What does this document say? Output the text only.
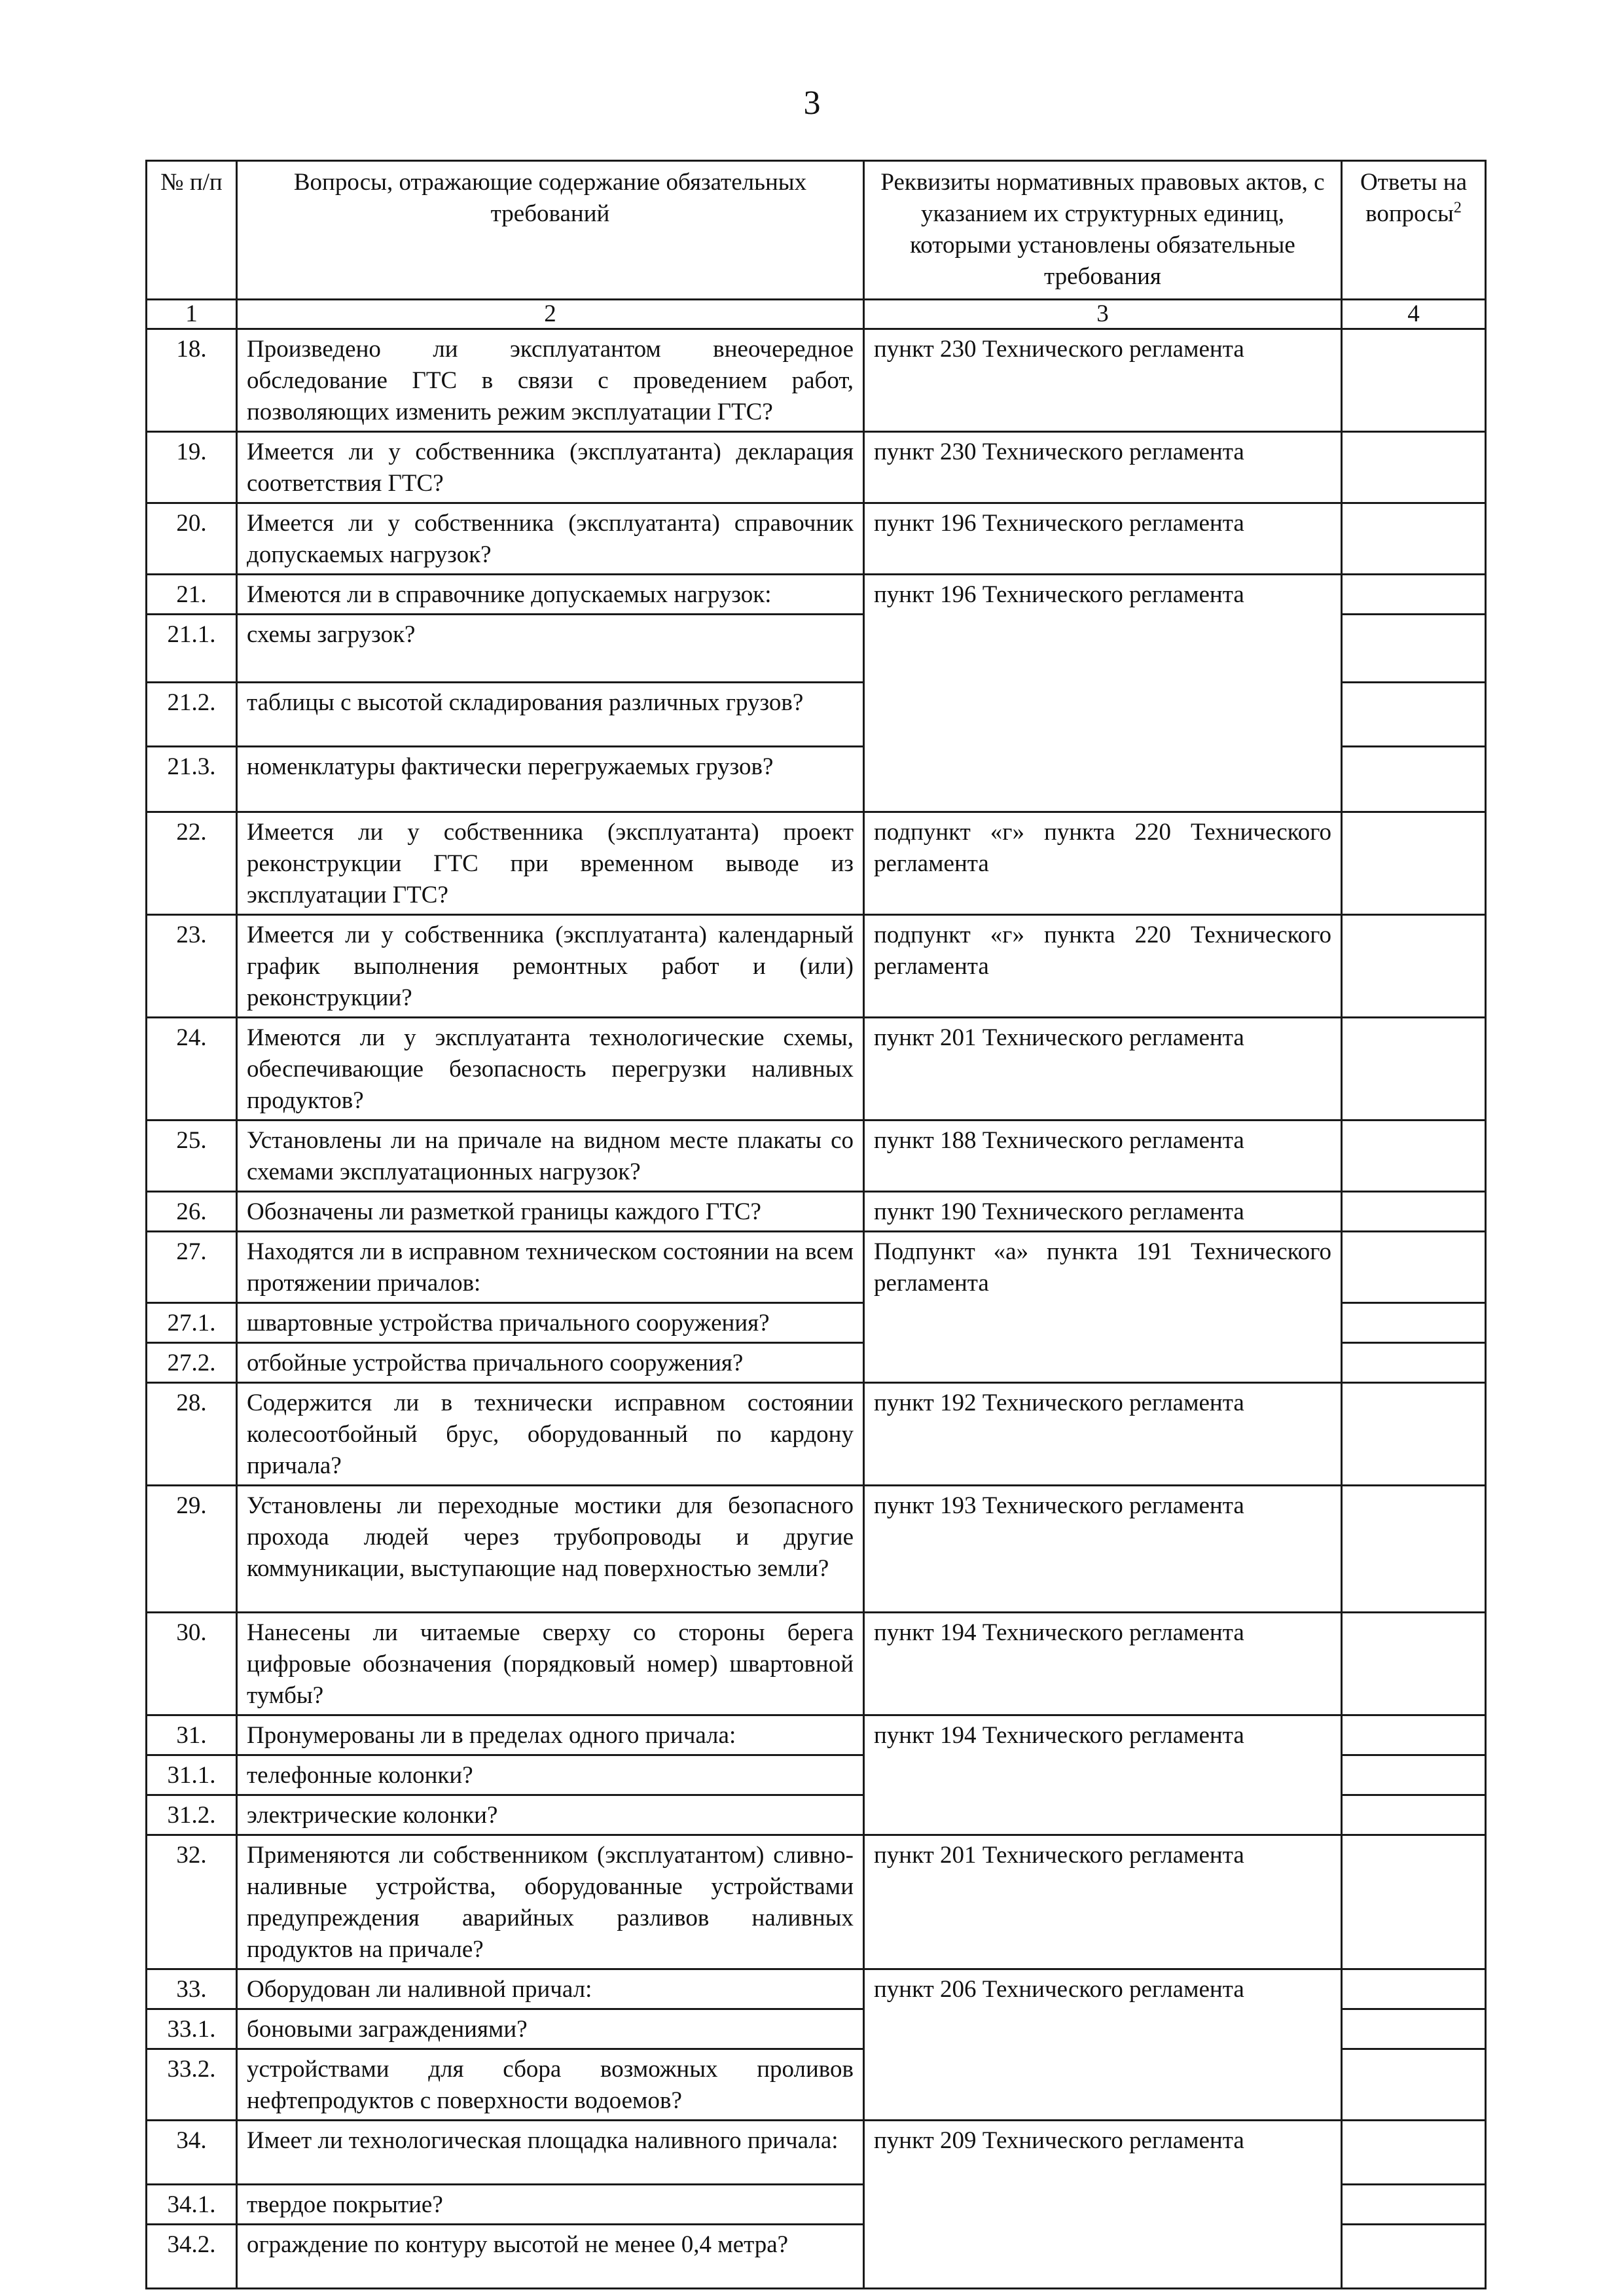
3
№ п/п	Вопросы, отражающие содержание обязательных требований	Реквизиты нормативных правовых актов, с указанием их структурных единиц, которыми установлены обязательные требования	Ответы на вопросы$^2$
1	2	3	4
18.	Произведено ли эксплуатантом внеочередное обследование ГТС в связи с проведением работ, позволяющих изменить режим эксплуатации ГТС?	пункт 230 Технического регламента	
19.	Имеется ли у собственника (эксплуатанта) декларация соответствия ГТС?	пункт 230 Технического регламента	
20.	Имеется ли у собственника (эксплуатанта) справочник допускаемых нагрузок?	пункт 196 Технического регламента	
21.	Имеются ли в справочнике допускаемых нагрузок:	пункт 196 Технического регламента	
21.1.	схемы загрузок?		
21.2.	таблицы с высотой складирования различных грузов?		
21.3.	номенклатуры фактически перегружаемых грузов?		
22.	Имеется ли у собственника (эксплуатанта) проект реконструкции ГТС при временном выводе из эксплуатации ГТС?	подпункт «г» пункта 220 Технического регламента	
23.	Имеется ли у собственника (эксплуатанта) календарный график выполнения ремонтных работ и (или) реконструкции?	подпункт «г» пункта 220 Технического регламента	
24.	Имеются ли у эксплуатанта технологические схемы, обеспечивающие безопасность перегрузки наливных продуктов?	пункт 201 Технического регламента	
25.	Установлены ли на причале на видном месте плакаты со схемами эксплуатационных нагрузок?	пункт 188 Технического регламента	
26.	Обозначены ли разметкой границы каждого ГТС?	пункт 190 Технического регламента	
27.	Находятся ли в исправном техническом состоянии на всем протяжении причалов:	Подпункт «а» пункта 191 Технического регламента	
27.1.	швартовные устройства причального сооружения?		
27.2.	отбойные устройства причального сооружения?		
28.	Содержится ли в технически исправном состоянии колесоотбойный брус, оборудованный по кардону причала?	пункт 192 Технического регламента	
29.	Установлены ли переходные мостики для безопасного прохода людей через трубопроводы и другие коммуникации, выступающие над поверхностью земли?	пункт 193 Технического регламента	
30.	Нанесены ли читаемые сверху со стороны берега цифровые обозначения (порядковый номер) швартовной тумбы?	пункт 194 Технического регламента	
31.	Пронумерованы ли в пределах одного причала:	пункт 194 Технического регламента	
31.1.	телефонные колонки?		
31.2.	электрические колонки?		
32.	Применяются ли собственником (эксплуатантом) сливно-наливные устройства, оборудованные устройствами предупреждения аварийных разливов наливных продуктов на причале?	пункт 201 Технического регламента	
33.	Оборудован ли наливной причал:	пункт 206 Технического регламента	
33.1.	боновыми заграждениями?		
33.2.	устройствами для сбора возможных проливов нефтепродуктов с поверхности водоемов?		
34.	Имеет ли технологическая площадка наливного причала:	пункт 209 Технического регламента	
34.1.	твердое покрытие?		
34.2.	ограждение по контуру высотой не менее 0,4 метра?		
